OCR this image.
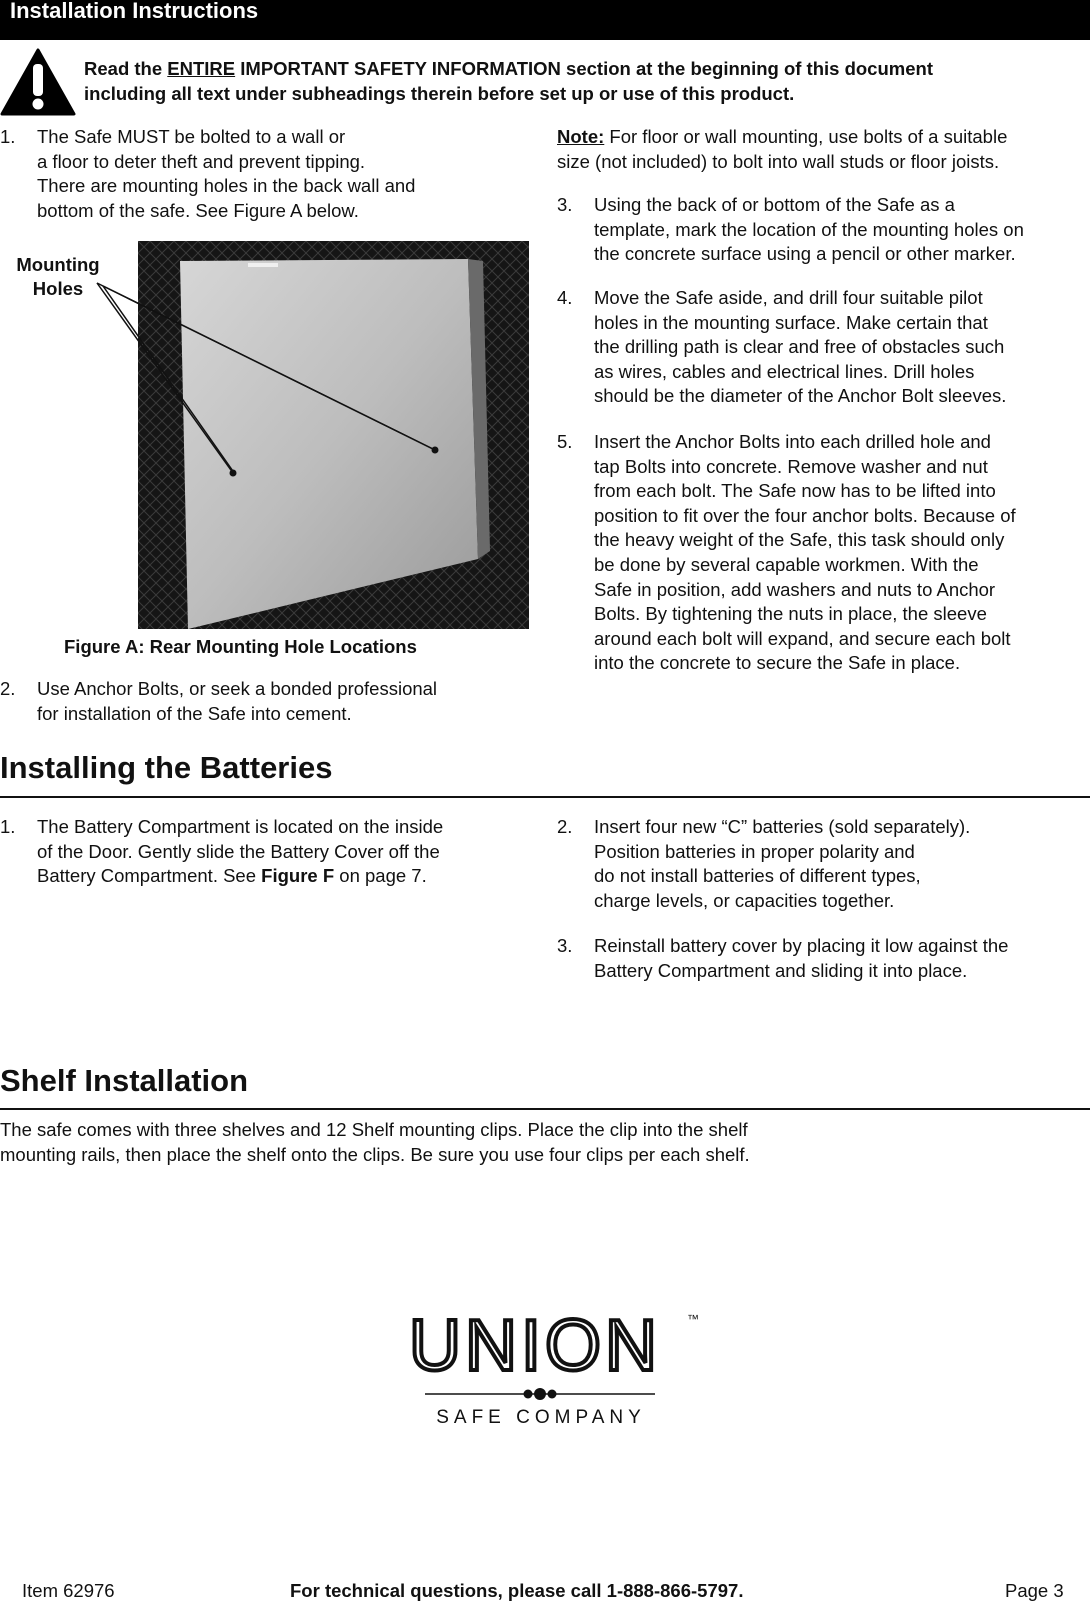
Installation Instructions
Read the ENTIRE IMPORTANT SAFETY INFORMATION section at the beginning of this document
including all text under subheadings therein before set up or use of this product.
1. The Safe MUST be bolted to a wall or
a floor to deter theft and prevent tipping.
There are mounting holes in the back wall and
bottom of the safe. See Figure A below.
Mounting
Holes
Figure A: Rear Mounting Hole Locations
2. Use Anchor Bolts, or seek a bonded professional
for installation of the Safe into cement.
Note: For floor or wall mounting, use bolts of a suitable
size (not included) to bolt into wall studs or floor joists.
3. Using the back of or bottom of the Safe as a
template, mark the location of the mounting holes on
the concrete surface using a pencil or other marker.
4. Move the Safe aside, and drill four suitable pilot
holes in the mounting surface. Make certain that
the drilling path is clear and free of obstacles such
as wires, cables and electrical lines. Drill holes
should be the diameter of the Anchor Bolt sleeves.
5. Insert the Anchor Bolts into each drilled hole and
tap Bolts into concrete. Remove washer and nut
from each bolt. The Safe now has to be lifted into
position to fit over the four anchor bolts. Because of
the heavy weight of the Safe, this task should only
be done by several capable workmen. With the
Safe in position, add washers and nuts to Anchor
Bolts. By tightening the nuts in place, the sleeve
around each bolt will expand, and secure each bolt
into the concrete to secure the Safe in place.
Installing the Batteries
1. The Battery Compartment is located on the inside
of the Door. Gently slide the Battery Cover off the
Battery Compartment. See Figure F on page 7.
2. Insert four new “C” batteries (sold separately).
Position batteries in proper polarity and
do not install batteries of different types,
charge levels, or capacities together.
3. Reinstall battery cover by placing it low against the
Battery Compartment and sliding it into place.
Shelf Installation
The safe comes with three shelves and 12 Shelf mounting clips. Place the clip into the shelf
mounting rails, then place the shelf onto the clips. Be sure you use four clips per each shelf.
UNION	™
SAFE COMPANY
Item 62976	For technical questions, please call 1-888-866-5797.	Page 3
